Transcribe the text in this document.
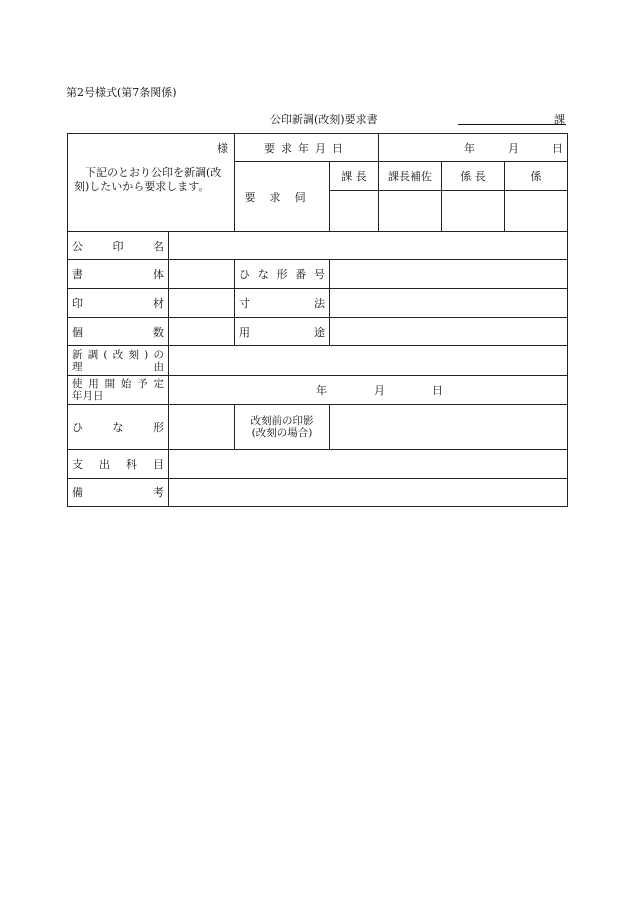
第2号様式(第7条関係)
公印新調(改刻)要求書	課
様
下記のとおり公印を新調(改刻)したいから要求します。		要求年月日		年 月 日		
		要求伺	課 長	課長補佐	係 長	係

公印名						
書体		ひな形番号				
印材		寸法				
個数		用途				

新調(改刻)の
理由						

使用開始予定
年月日	年 月 日					
ひな形		改刻前の印影
(改刻の場合)				

支出科目						
備考						
